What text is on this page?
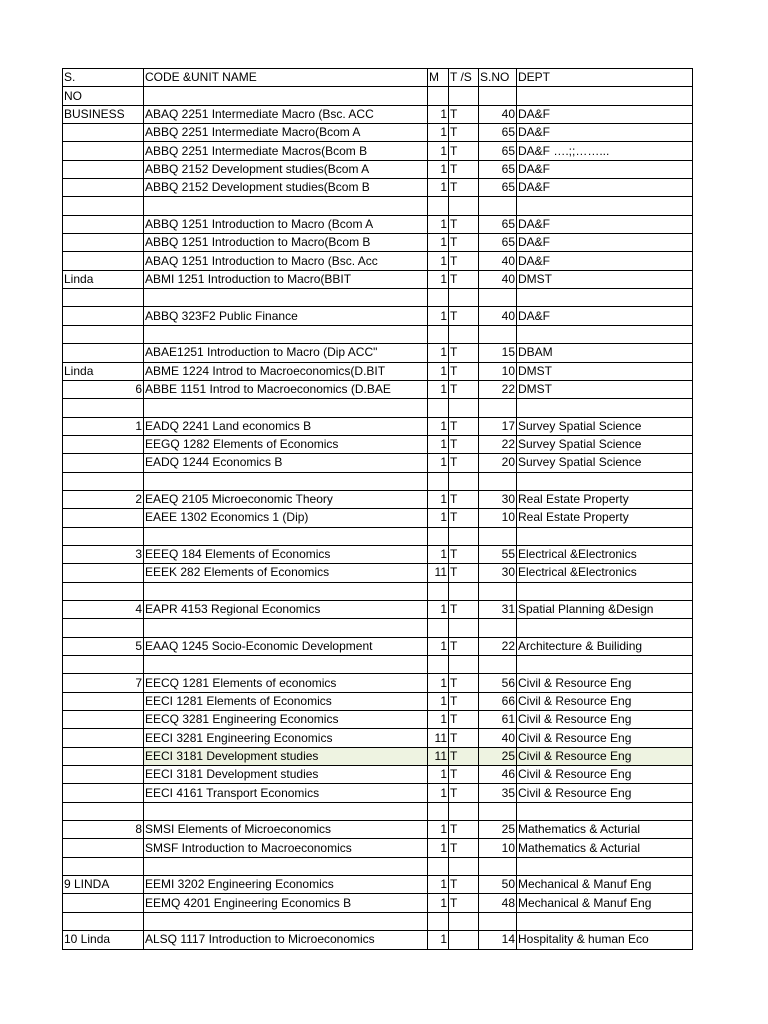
S.	CODE &UNIT NAME	M	T /S	S.NO	DEPT
NO					
BUSINESS	ABAQ 2251 Intermediate Macro (Bsc. ACC	1	T	40	DA&F
	ABBQ 2251 Intermediate Macro(Bcom A	1	T	65	DA&F
	ABBQ 2251 Intermediate Macros(Bcom B	1	T	65	DA&F ….;;……...
	ABBQ 2152 Development studies(Bcom A	1	T	65	DA&F
	ABBQ 2152 Development studies(Bcom B	1	T	65	DA&F

	ABBQ 1251 Introduction to Macro (Bcom A	1	T	65	DA&F
	ABBQ 1251 Introduction to Macro(Bcom B	1	T	65	DA&F
	ABAQ 1251 Introduction to Macro (Bsc. Acc	1	T	40	DA&F
Linda	ABMI 1251 Introduction to Macro(BBIT	1	T	40	DMST

	ABBQ 323F2 Public Finance	1	T	40	DA&F

	ABAE1251 Introduction to Macro (Dip ACC"	1	T	15	DBAM
Linda	ABME 1224 Introd to Macroeconomics(D.BIT	1	T	10	DMST
6	ABBE 1151 Introd to Macroeconomics (D.BAE	1	T	22	DMST

1	EADQ 2241 Land economics B	1	T	17	Survey Spatial Science
	EEGQ 1282 Elements of Economics	1	T	22	Survey Spatial Science
	EADQ 1244 Economics B	1	T	20	Survey Spatial Science

2	EAEQ 2105 Microeconomic Theory	1	T	30	Real Estate Property
	EAEE 1302 Economics 1 (Dip)	1	T	10	Real Estate Property

3	EEEQ 184 Elements of Economics	1	T	55	Electrical &Electronics
	EEEK 282 Elements of Economics	11	T	30	Electrical &Electronics

4	EAPR 4153 Regional Economics	1	T	31	Spatial Planning &Design

5	EAAQ 1245 Socio-Economic Development	1	T	22	Architecture & Builiding

7	EECQ 1281 Elements of economics	1	T	56	Civil & Resource Eng
	EECI 1281 Elements of Economics	1	T	66	Civil & Resource Eng
	EECQ 3281 Engineering Economics	1	T	61	Civil & Resource Eng
	EECI 3281 Engineering Economics	11	T	40	Civil & Resource Eng
	EECI 3181 Development studies	11	T	25	Civil & Resource Eng
	EECI 3181 Development studies	1	T	46	Civil & Resource Eng
	EECI 4161 Transport Economics	1	T	35	Civil & Resource Eng

8	SMSI Elements of Microeconomics	1	T	25	Mathematics & Acturial
	SMSF Introduction to Macroeconomics	1	T	10	Mathematics & Acturial

9 LINDA	EEMI 3202 Engineering Economics	1	T	50	Mechanical & Manuf Eng
	EEMQ 4201 Engineering Economics B	1	T	48	Mechanical & Manuf Eng

10 Linda	ALSQ 1117 Introduction to Microeconomics	1		14	Hospitality & human Eco
